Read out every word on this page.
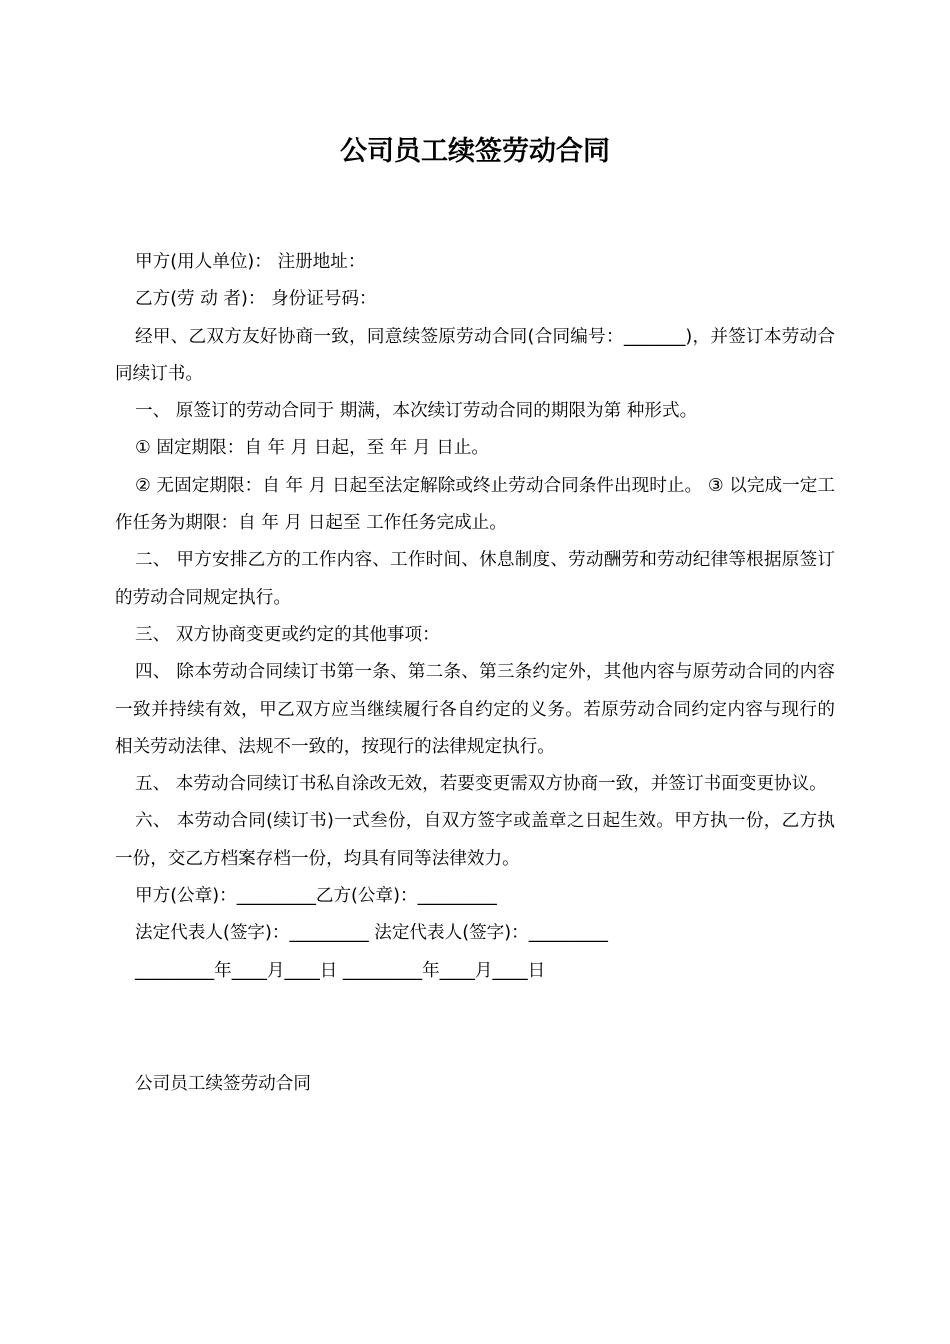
公司员工续签劳动合同

甲方(用人单位)： 注册地址：

乙方(劳 动 者)： 身份证号码：

经甲、乙双方友好协商一致，同意续签原劳动合同(合同编号：_______)，并签订本劳动合同续订书。

一、 原签订的劳动合同于 期满，本次续订劳动合同的期限为第 种形式。

① 固定期限：自 年 月 日起，至 年 月 日止。

② 无固定期限：自 年 月 日起至法定解除或终止劳动合同条件出现时止。 ③ 以完成一定工作任务为期限：自 年 月 日起至 工作任务完成止。

二、 甲方安排乙方的工作内容、工作时间、休息制度、劳动酬劳和劳动纪律等根据原签订的劳动合同规定执行。

三、 双方协商变更或约定的其他事项：

四、 除本劳动合同续订书第一条、第二条、第三条约定外，其他内容与原劳动合同的内容一致并持续有效，甲乙双方应当继续履行各自约定的义务。若原劳动合同约定内容与现行的相关劳动法律、法规不一致的，按现行的法律规定执行。

五、 本劳动合同续订书私自涂改无效，若要变更需双方协商一致，并签订书面变更协议。

六、 本劳动合同(续订书)一式叁份，自双方签字或盖章之日起生效。甲方执一份，乙方执一份，交乙方档案存档一份，均具有同等法律效力。

甲方(公章)：_________乙方(公章)：_________

法定代表人(签字)：_________ 法定代表人(签字)：_________

_________年____月____日 _________年____月____日

公司员工续签劳动合同
